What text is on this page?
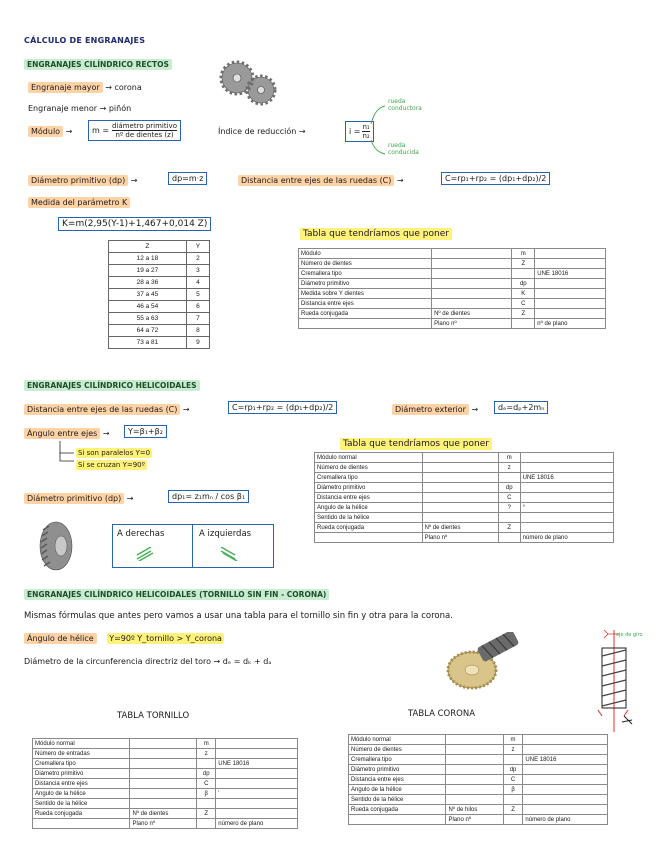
CÁLCULO DE ENGRANAJES
ENGRANAJES CILÍNDRICO RECTOS
Engranaje mayor → corona
Engranaje menor → piñón
Módulo → m = diámetro primitivo
nº de dientes (z)	Índice de reducción →	$i = \frac{\text{n₁}}{\text{n₂}}$
rueda conductora
rueda conducida
Diámetro primitivo (dp) →	dp=m·z	Distancia entre ejes de las ruedas (C) →	C=rp₁+rp₂ = (dp₁+dp₂)/2
Medida del parámetro K
K=m(2,95(Y-1)+1,467+0,014 Z)
Z	Y
12 a 18	2
19 a 27	3
28 a 36	4
37 a 45	5
46 a 54	6
55 a 63	7
64 a 72	8
73 a 81	9
Tabla que tendríamos que poner
Módulo		m	
Número de dientes		Z	
Cremallera tipo			UNE 18016
Diámetro primitivo		dp	
Medida sobre Y dientes		K	
Distancia entre ejes		C	
Rueda conjugada	Nº de dientes	Z	
	Plano nº		nº de plano
ENGRANAJES CILÍNDRICO HELICOIDALES
Distancia entre ejes de las ruedas (C) →	C=rp₁+rp₂ = (dp₁+dp₂)/2	Diámetro exterior →	dₑ=dₚ+2mₙ
Ángulo entre ejes →	Y=β₁+β₂
Si son paralelos Y=0
Si se cruzan Y=90º
Diámetro primitivo (dp) →	dp₁= z₁mₙ / cos β₁
A derechas	A izquierdas
Tabla que tendríamos que poner
Módulo normal		m	
Número de dientes		z	
Cremallera tipo			UNE 18016
Diámetro primitivo		dp	
Distancia entre ejes		C	
Angulo de la hélice		?	°
Sentido de la hélice			
Rueda conjugada	Nº de dientes	Z	
	Plano nº		número de plano
ENGRANAJES CILÍNDRICO HELICOIDALES (TORNILLO SIN FIN - CORONA)
Mismas fórmulas que antes pero vamos a usar una tabla para el tornillo sin fin y otra para la corona.
Ángulo de hélice Y=90º Y_tornillo > Y_corona
Diámetro de la circunferencia directriz del toro → dₑ = dₖ + dₐ
eje de giro
TABLA TORNILLO	TABLA CORONA
Módulo normal		m	
Número de entradas		z	
Cremallera tipo			UNE 18016
Diámetro primitivo		dp	
Distancia entre ejes		C	
Angulo de la hélice		β	'
Sentido de la hélice			
Rueda conjugada	Nº de dientes	Z	
	Plano nº		número de plano
Módulo normal		m	
Número de dientes		z	
Cremallera tipo			UNE 18016
Diámetro primitivo		dp	
Distancia entre ejes		C	
Angulo de la hélice		β	
Sentido de la hélice			
Rueda conjugada	Nº de hilos	Z	
	Plano nº		número de plano
